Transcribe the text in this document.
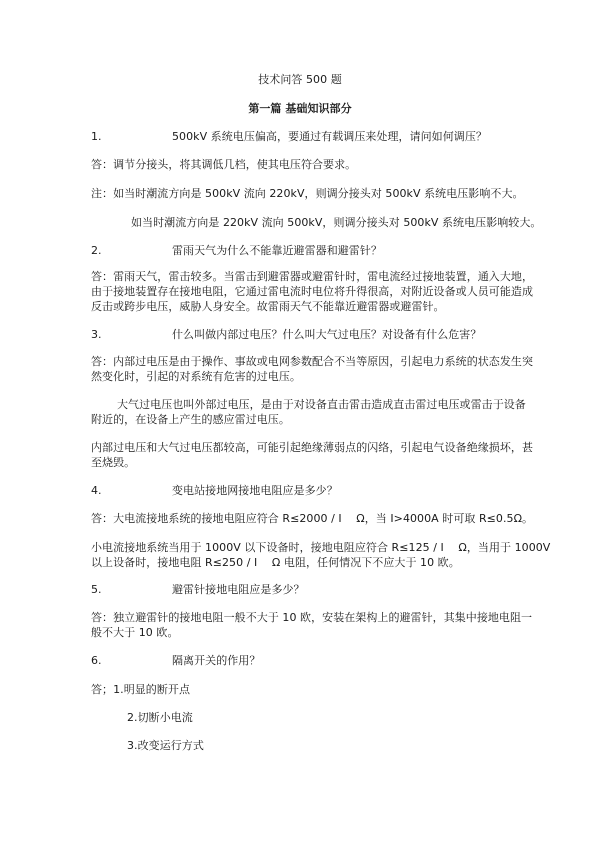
技术问答 500 题
第一篇 基础知识部分
1.	500kV 系统电压偏高，要通过有载调压来处理，请问如何调压？
答：调节分接头，将其调低几档，使其电压符合要求。
注：如当时潮流方向是 500kV 流向 220kV，则调分接头对 500kV 系统电压影响不大。
如当时潮流方向是 220kV 流向 500kV，则调分接头对 500kV 系统电压影响较大。
2.	雷雨天气为什么不能靠近避雷器和避雷针？
答：雷雨天气，雷击较多。当雷击到避雷器或避雷针时，雷电流经过接地装置，通入大地，
由于接地装置存在接地电阻，它通过雷电流时电位将升得很高，对附近设备或人员可能造成
反击或跨步电压，威胁人身安全。故雷雨天气不能靠近避雷器或避雷针。
3.	什么叫做内部过电压？什么叫大气过电压？对设备有什么危害？
答：内部过电压是由于操作、事故或电网参数配合不当等原因，引起电力系统的状态发生突
然变化时，引起的对系统有危害的过电压。
大气过电压也叫外部过电压，是由于对设备直击雷击造成直击雷过电压或雷击于设备
附近的，在设备上产生的感应雷过电压。
内部过电压和大气过电压都较高，可能引起绝缘薄弱点的闪络，引起电气设备绝缘损坏，甚
至烧毁。
4.	变电站接地网接地电阻应是多少？
答：大电流接地系统的接地电阻应符合 R≤2000 / I　 Ω，当 I>4000A 时可取 R≤0.5Ω。
小电流接地系统当用于 1000V 以下设备时，接地电阻应符合 R≤125 / I　 Ω，当用于 1000V
以上设备时，接地电阻 R≤250 / I　 Ω 电阻，任何情况下不应大于 10 欧。
5.	避雷针接地电阻应是多少？
答：独立避雷针的接地电阻一般不大于 10 欧，安装在架构上的避雷针，其集中接地电阻一
般不大于 10 欧。
6.	隔离开关的作用？
答；1.明显的断开点
2.切断小电流
3.改变运行方式
